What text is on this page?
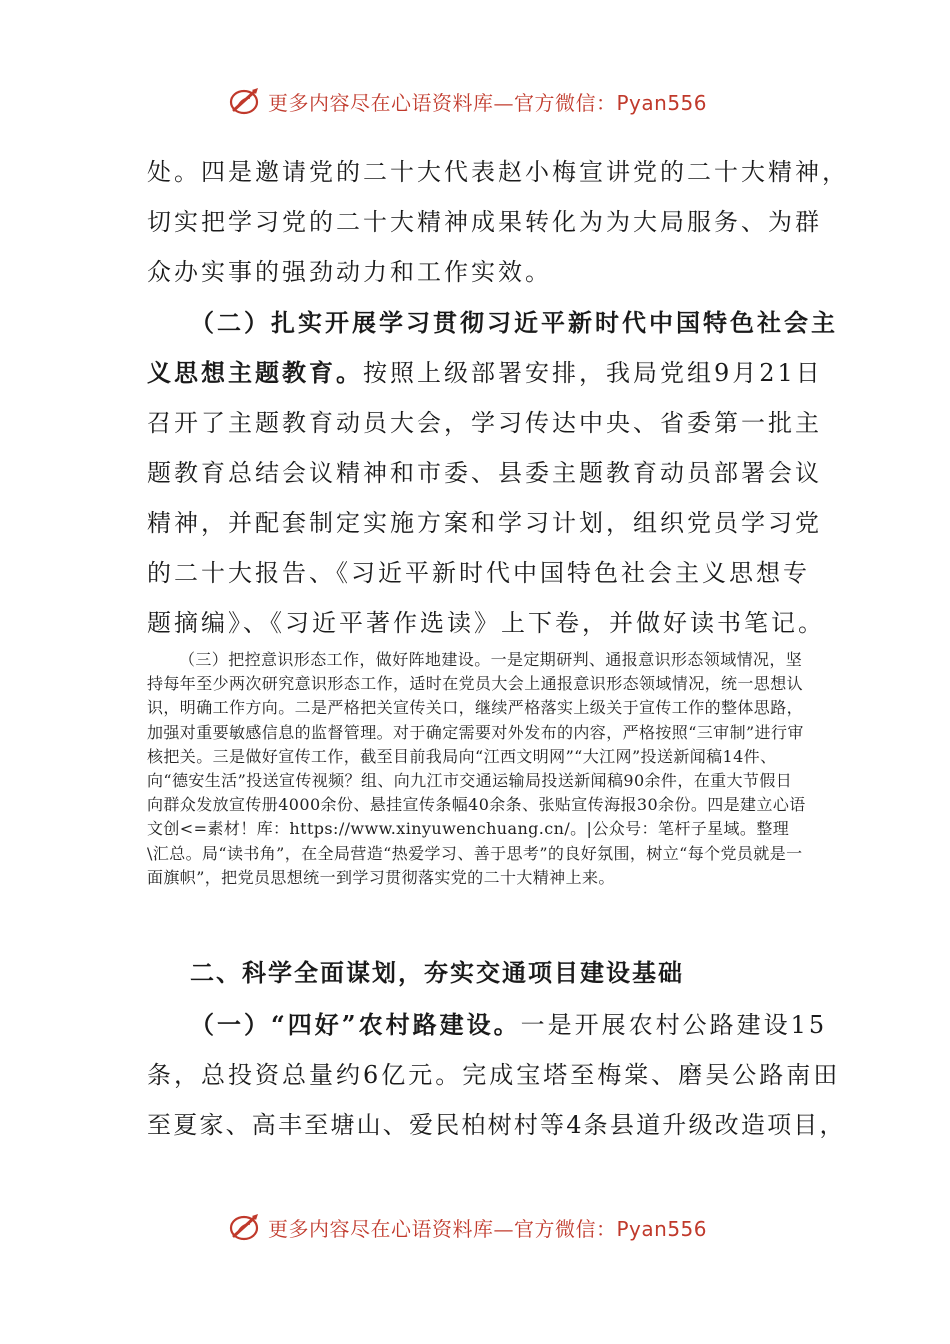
更多内容尽在心语资料库—官方微信：Pyan556

处。四是邀请党的二十大代表赵小梅宣讲党的二十大精神，

切实把学习党的二十大精神成果转化为为大局服务、为群

众办实事的强劲动力和工作实效。

（二）扎实开展学习贯彻习近平新时代中国特色社会主

义思想主题教育。按照上级部署安排，我局党组9月21日

召开了主题教育动员大会，学习传达中央、省委第一批主

题教育总结会议精神和市委、县委主题教育动员部署会议

精神，并配套制定实施方案和学习计划，组织党员学习党

的二十大报告、《习近平新时代中国特色社会主义思想专

题摘编》、《习近平著作选读》上下卷，并做好读书笔记。

（三）把控意识形态工作，做好阵地建设。一是定期研判、通报意识形态领域情况，坚持每年至少两次研究意识形态工作，适时在党员大会上通报意识形态领域情况，统一思想认识，明确工作方向。二是严格把关宣传关口，继续严格落实上级关于宣传工作的整体思路，加强对重要敏感信息的监督管理。对于确定需要对外发布的内容，严格按照“三审制”进行审核把关。三是做好宣传工作，截至目前我局向“江西文明网”“大江网”投送新闻稿14件、向“德安生活”投送宣传视频？组、向九江市交通运输局投送新闻稿90余件，在重大节假日向群众发放宣传册4000余份、悬挂宣传条幅40余条、张贴宣传海报30余份。四是建立心语文创<=素材！库：https://www.xinyuwenchuang.cn/。|公众号：笔杆子星域。整理\汇总。局“读书角”，在全局营造“热爱学习、善于思考”的良好氛围，树立“每个党员就是一面旗帜”，把党员思想统一到学习贯彻落实党的二十大精神上来。

二、科学全面谋划，夯实交通项目建设基础

（一）“四好”农村路建设。一是开展农村公路建设15

条，总投资总量约6亿元。完成宝塔至梅棠、磨吴公路南田

至夏家、高丰至塘山、爱民柏树村等4条县道升级改造项目，

更多内容尽在心语资料库—官方微信：Pyan556
